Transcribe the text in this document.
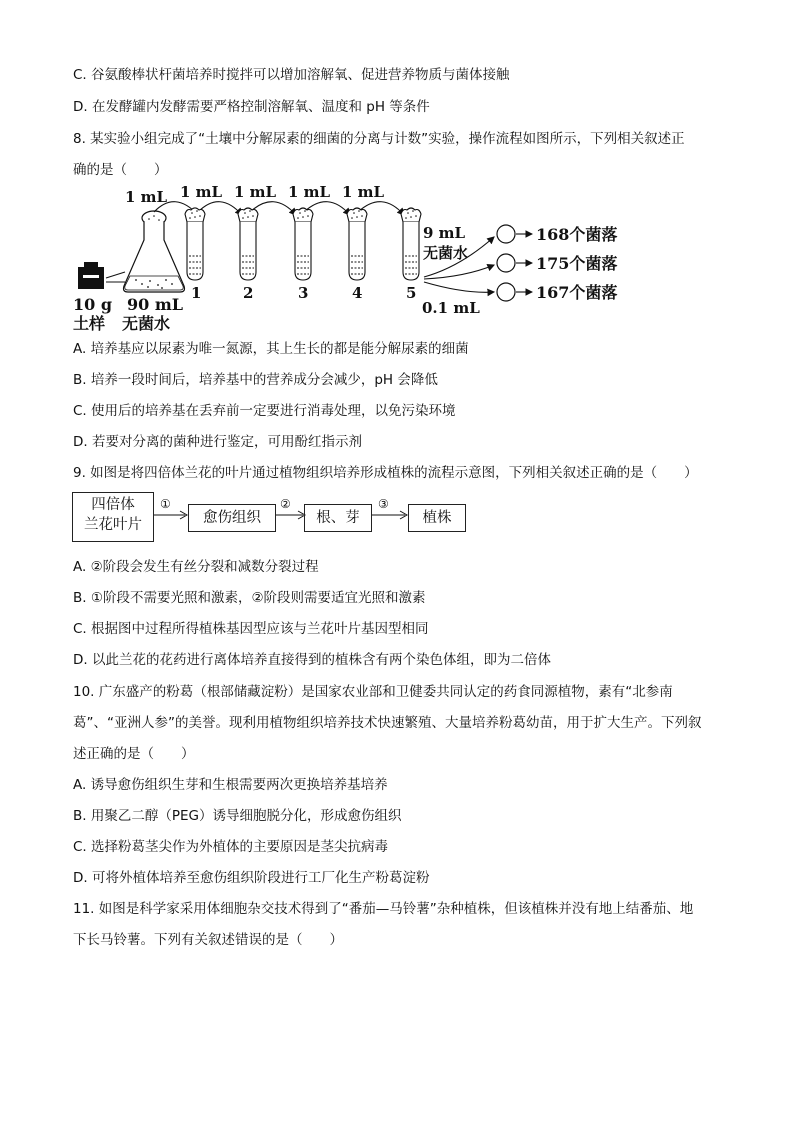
C. 谷氨酸棒状杆菌培养时搅拌可以增加溶解氧、促进营养物质与菌体接触
D. 在发酵罐内发酵需要严格控制溶解氧、温度和 pH 等条件
8. 某实验小组完成了“土壤中分解尿素的细菌的分离与计数”实验，操作流程如图所示，下列相关叙述正
确的是（　　）
1 mL 1 mL 1 mL 1 mL 1 mL
168个菌落
175个菌落
167个菌落
9 mL
无菌水
0.1 mL
10 g
土样
90 mL
无菌水
1	2	3	4	5
A. 培养基应以尿素为唯一氮源，其上生长的都是能分解尿素的细菌
B. 培养一段时间后，培养基中的营养成分会减少，pH 会降低
C. 使用后的培养基在丢弃前一定要进行消毒处理，以免污染环境
D. 若要对分离的菌种进行鉴定，可用酚红指示剂
9. 如图是将四倍体兰花的叶片通过植物组织培养形成植株的流程示意图，下列相关叙述正确的是（　　）
四倍体
兰花叶片
①
愈伤组织
②
根、芽
③
植株
A. ②阶段会发生有丝分裂和减数分裂过程
B. ①阶段不需要光照和激素，②阶段则需要适宜光照和激素
C. 根据图中过程所得植株基因型应该与兰花叶片基因型相同
D. 以此兰花的花药进行离体培养直接得到的植株含有两个染色体组，即为二倍体
10. 广东盛产的粉葛（根部储藏淀粉）是国家农业部和卫健委共同认定的药食同源植物，素有“北参南
葛”、“亚洲人参”的美誉。现利用植物组织培养技术快速繁殖、大量培养粉葛幼苗，用于扩大生产。下列叙
述正确的是（　　）
A. 诱导愈伤组织生芽和生根需要两次更换培养基培养
B. 用聚乙二醇（PEG）诱导细胞脱分化，形成愈伤组织
C. 选择粉葛茎尖作为外植体的主要原因是茎尖抗病毒
D. 可将外植体培养至愈伤组织阶段进行工厂化生产粉葛淀粉
11. 如图是科学家采用体细胞杂交技术得到了“番茄—马铃薯”杂种植株，但该植株并没有地上结番茄、地
下长马铃薯。下列有关叙述错误的是（　　）
